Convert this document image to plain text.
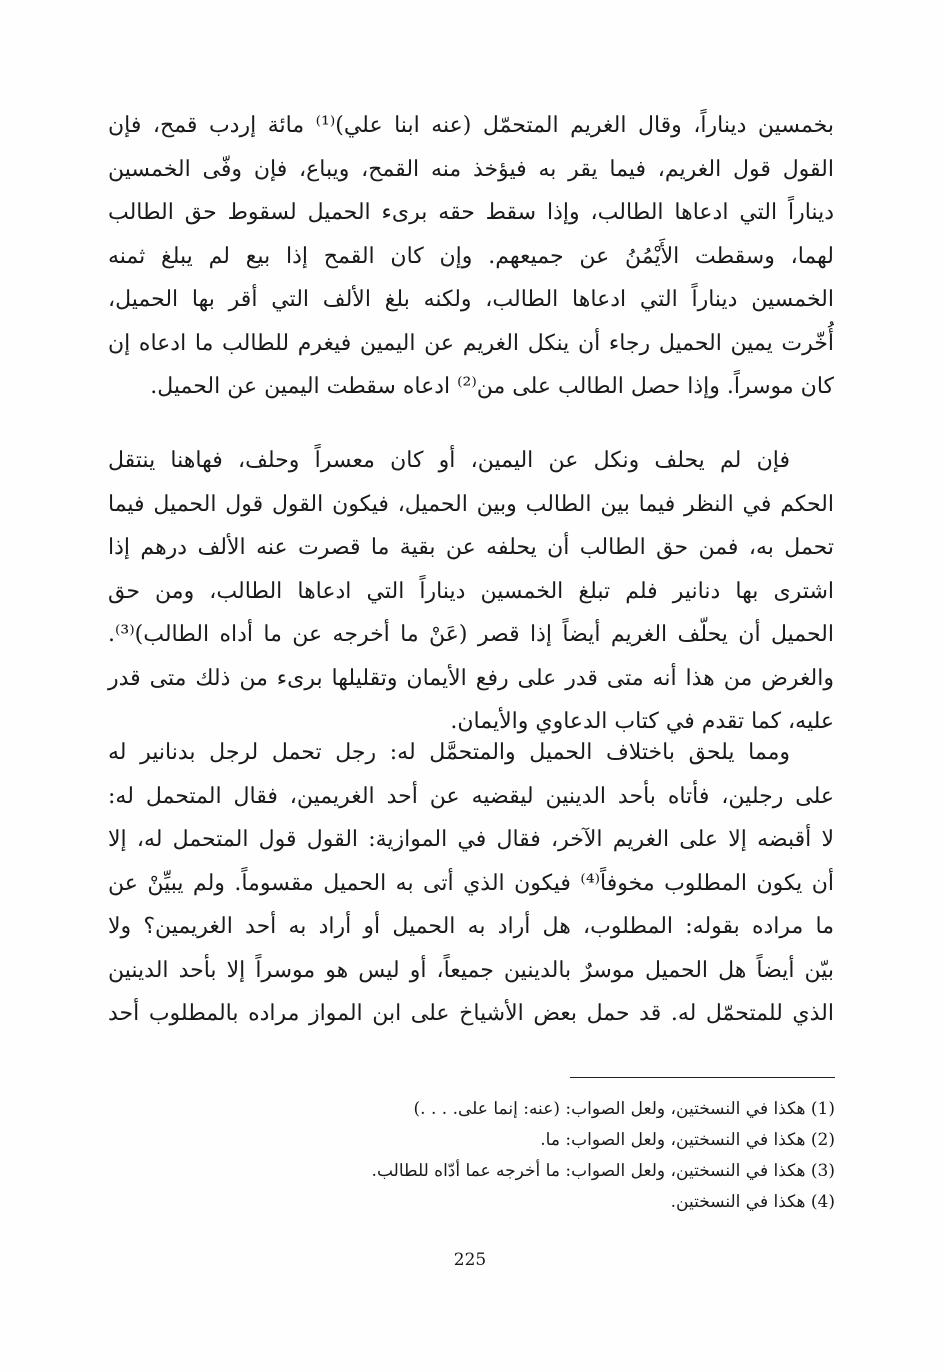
بخمسين ديناراً، وقال الغريم المتحمّل (عنه ابنا علي)⁽¹⁾ مائة إردب قمح، فإن
القول قول الغريم، فيما يقر به فيؤخذ منه القمح، ويباع، فإن وفّى الخمسين
ديناراً التي ادعاها الطالب، وإذا سقط حقه برىء الحميل لسقوط حق الطالب
لهما، وسقطت الأَيْمُنُ عن جميعهم. وإن كان القمح إذا بيع لم يبلغ ثمنه
الخمسين ديناراً التي ادعاها الطالب، ولكنه بلغ الألف التي أقر بها الحميل،
أُخّرت يمين الحميل رجاء أن ينكل الغريم عن اليمين فيغرم للطالب ما ادعاه إن
كان موسراً. وإذا حصل الطالب على من⁽²⁾ ادعاه سقطت اليمين عن الحميل.
فإن لم يحلف ونكل عن اليمين، أو كان معسراً وحلف، فهاهنا ينتقل
الحكم في النظر فيما بين الطالب وبين الحميل، فيكون القول قول الحميل فيما
تحمل به، فمن حق الطالب أن يحلفه عن بقية ما قصرت عنه الألف درهم إذا
اشترى بها دنانير فلم تبلغ الخمسين ديناراً التي ادعاها الطالب، ومن حق
الحميل أن يحلّف الغريم أيضاً إذا قصر (عَنْ ما أخرجه عن ما أداه الطالب)⁽³⁾.
والغرض من هذا أنه متى قدر على رفع الأيمان وتقليلها برىء من ذلك متى قدر
عليه، كما تقدم في كتاب الدعاوي والأيمان.
ومما يلحق باختلاف الحميل والمتحمَّل له: رجل تحمل لرجل بدنانير له
على رجلين، فأتاه بأحد الدينين ليقضيه عن أحد الغريمين، فقال المتحمل له:
لا أقبضه إلا على الغريم الآخر، فقال في الموازية: القول قول المتحمل له، إلا
أن يكون المطلوب مخوفاً⁽⁴⁾ فيكون الذي أتى به الحميل مقسوماً. ولم يبيِّنْ عن
ما مراده بقوله: المطلوب، هل أراد به الحميل أو أراد به أحد الغريمين؟ ولا
بيّن أيضاً هل الحميل موسرٌ بالدينين جميعاً، أو ليس هو موسراً إلا بأحد الدينين
الذي للمتحمّل له. قد حمل بعض الأشياخ على ابن المواز مراده بالمطلوب أحد
(1) هكذا في النسختين، ولعل الصواب: (عنه: إنما على. . . .)
(2) هكذا في النسختين، ولعل الصواب: ما.
(3) هكذا في النسختين، ولعل الصواب: ما أخرجه عما أدّاه للطالب.
(4) هكذا في النسختين.
225
